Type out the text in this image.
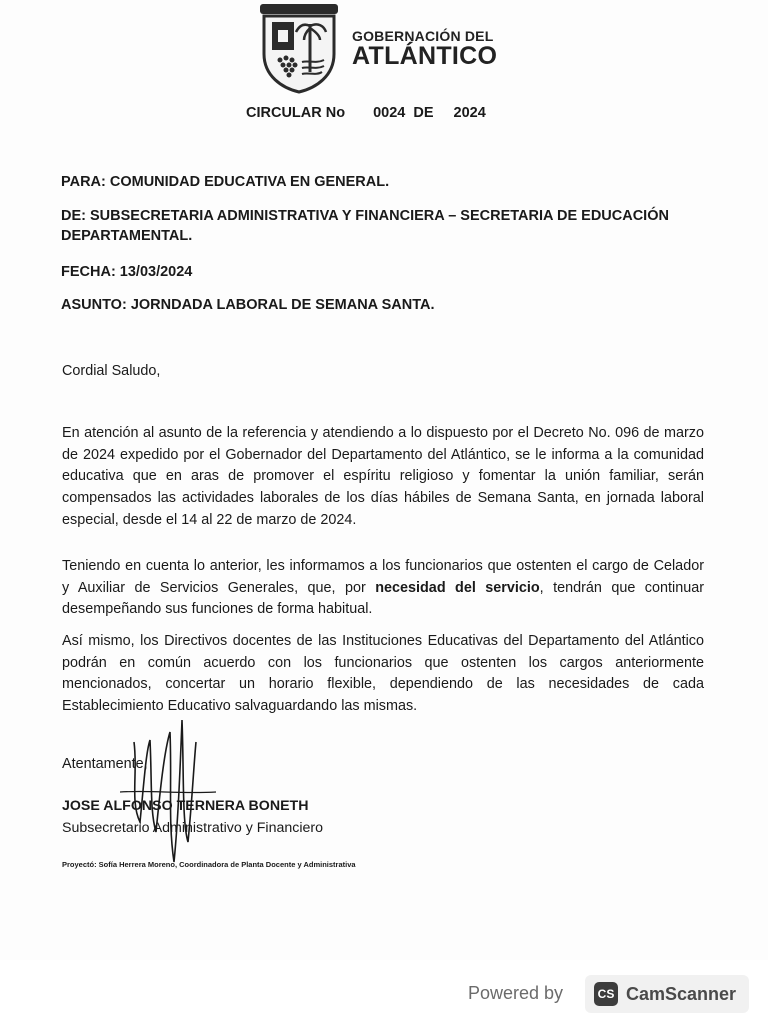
GOBERNACIÓN DEL
ATLÁNTICO
CIRCULAR No 0024 DE 2024
PARA: COMUNIDAD EDUCATIVA EN GENERAL.
DE: SUBSECRETARIA ADMINISTRATIVA Y FINANCIERA – SECRETARIA DE EDUCACIÓN DEPARTAMENTAL.
FECHA: 13/03/2024
ASUNTO: JORNDADA LABORAL DE SEMANA SANTA.
Cordial Saludo,
En atención al asunto de la referencia y atendiendo a lo dispuesto por el Decreto No. 096 de marzo de 2024 expedido por el Gobernador del Departamento del Atlántico, se le informa a la comunidad educativa que en aras de promover el espíritu religioso y fomentar la unión familiar, serán compensados las actividades laborales de los días hábiles de Semana Santa, en jornada laboral especial, desde el 14 al 22 de marzo de 2024.
Teniendo en cuenta lo anterior, les informamos a los funcionarios que ostenten el cargo de Celador y Auxiliar de Servicios Generales, que, por necesidad del servicio, tendrán que continuar desempeñando sus funciones de forma habitual.
Así mismo, los Directivos docentes de las Instituciones Educativas del Departamento del Atlántico podrán en común acuerdo con los funcionarios que ostenten los cargos anteriormente mencionados, concertar un horario flexible, dependiendo de las necesidades de cada Establecimiento Educativo salvaguardando las mismas.
Atentamente,
JOSE ALFONSO TERNERA BONETH
Subsecretario Administrativo y Financiero
Proyectó: Sofía Herrera Moreno, Coordinadora de Planta Docente y Administrativa
Powered by	CS CamScanner
